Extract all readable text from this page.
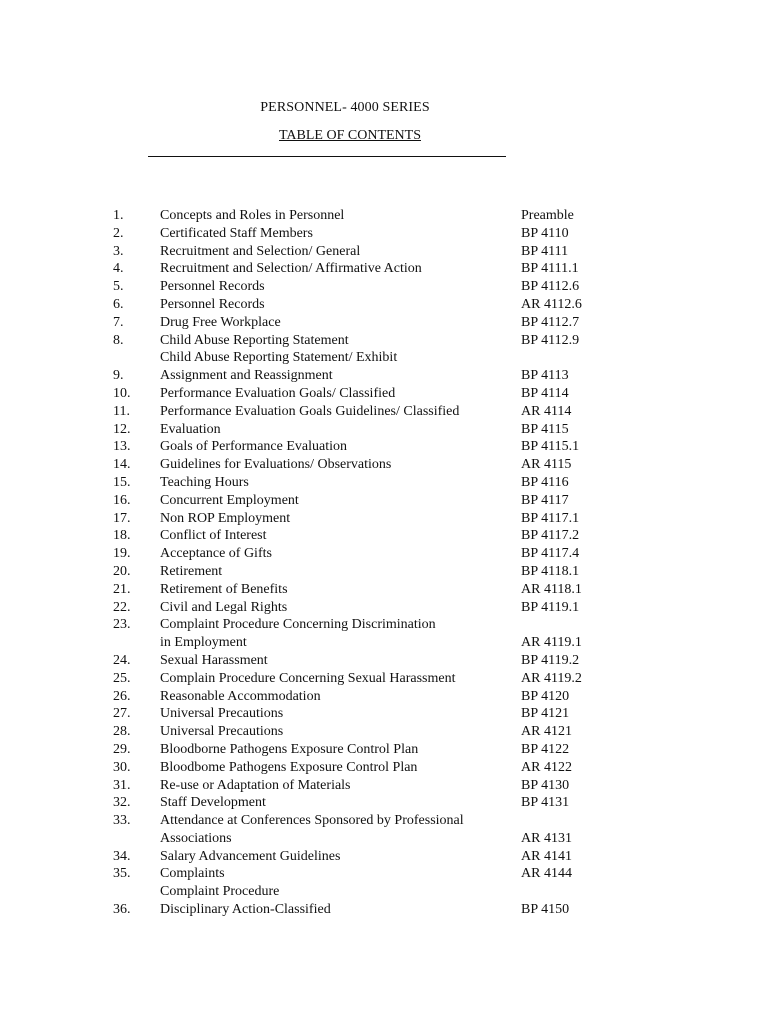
PERSONNEL- 4000 SERIES
TABLE OF CONTENTS
1.	Concepts and Roles in Personnel	Preamble
2.	Certificated Staff Members	BP 4110
3.	Recruitment and Selection/ General	BP 4111
4.	Recruitment and Selection/ Affirmative Action	BP 4111.1
5.	Personnel Records	BP 4112.6
6.	Personnel Records	AR 4112.6
7.	Drug Free Workplace	BP 4112.7
8.	Child Abuse Reporting Statement	BP 4112.9
Child Abuse Reporting Statement/ Exhibit
9.	Assignment and Reassignment	BP 4113
10. Performance Evaluation Goals/ Classified	BP 4114
11. Performance Evaluation Goals Guidelines/ Classified	AR 4114
12. Evaluation	BP 4115
13. Goals of Performance Evaluation	BP 4115.1
14. Guidelines for Evaluations/ Observations	AR 4115
15. Teaching Hours	BP 4116
16. Concurrent Employment	BP 4117
17. Non ROP Employment	BP 4117.1
18. Conflict of Interest	BP 4117.2
19. Acceptance of Gifts	BP 4117.4
20. Retirement	BP 4118.1
21. Retirement of Benefits	AR 4118.1
22. Civil and Legal Rights	BP 4119.1
23. Complaint Procedure Concerning Discrimination
in Employment	AR 4119.1
24. Sexual Harassment	BP 4119.2
25. Complain Procedure Concerning Sexual Harassment	AR 4119.2
26. Reasonable Accommodation	BP 4120
27. Universal Precautions	BP 4121
28. Universal Precautions	AR 4121
29. Bloodborne Pathogens Exposure Control Plan	BP 4122
30. Bloodbome Pathogens Exposure Control Plan	AR 4122
31. Re-use or Adaptation of Materials	BP 4130
32. Staff Development	BP 4131
33. Attendance at Conferences Sponsored by Professional
Associations	AR 4131
34. Salary Advancement Guidelines	AR 4141
35. Complaints	AR 4144
Complaint Procedure
36. Disciplinary Action-Classified	BP 4150
